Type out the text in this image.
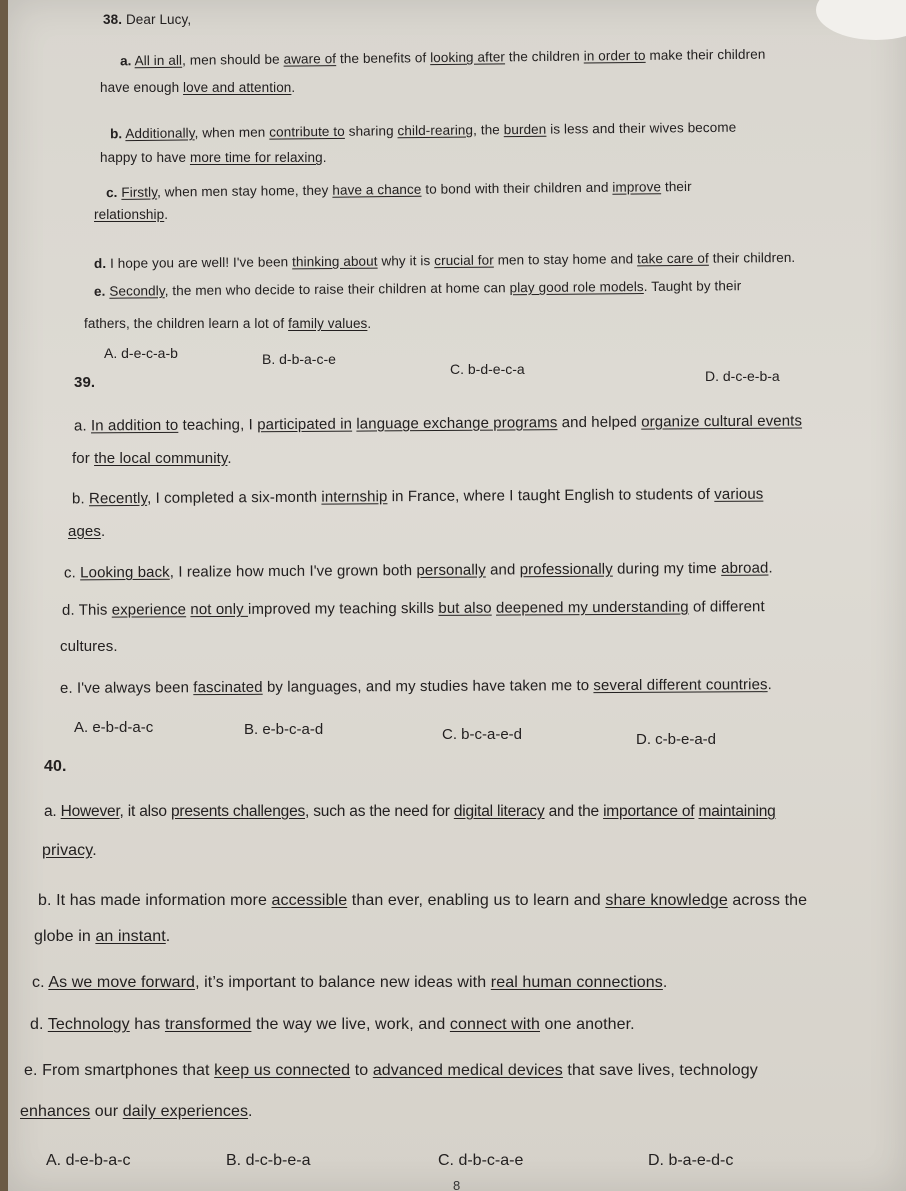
38. Dear Lucy,
a. All in all, men should be aware of the benefits of looking after the children in order to make their children
have enough love and attention.
b. Additionally, when men contribute to sharing child-rearing, the burden is less and their wives become
happy to have more time for relaxing.
c. Firstly, when men stay home, they have a chance to bond with their children and improve their
relationship.
d. I hope you are well! I've been thinking about why it is crucial for men to stay home and take care of their children.
e. Secondly, the men who decide to raise their children at home can play good role models. Taught by their
fathers, the children learn a lot of family values.
A. d-e-c-a-b	B. d-b-a-c-e
C. b-d-e-c-a	D. d-c-e-b-a
39.
a. In addition to teaching, I participated in language exchange programs and helped organize cultural events
for the local community.
b. Recently, I completed a six-month internship in France, where I taught English to students of various
ages.
c. Looking back, I realize how much I've grown both personally and professionally during my time abroad.
d. This experience not only improved my teaching skills but also deepened my understanding of different
cultures.
e. I've always been fascinated by languages, and my studies have taken me to several different countries.
A. e-b-d-a-c	B. e-b-c-a-d	C. b-c-a-e-d	D. c-b-e-a-d
40.
a. However, it also presents challenges, such as the need for digital literacy and the importance of maintaining
privacy.
b. It has made information more accessible than ever, enabling us to learn and share knowledge across the
globe in an instant.
c. As we move forward, it’s important to balance new ideas with real human connections.
d. Technology has transformed the way we live, work, and connect with one another.
e. From smartphones that keep us connected to advanced medical devices that save lives, technology
enhances our daily experiences.
A. d-e-b-a-c	B. d-c-b-e-a	C. d-b-c-a-e	D. b-a-e-d-c
8
